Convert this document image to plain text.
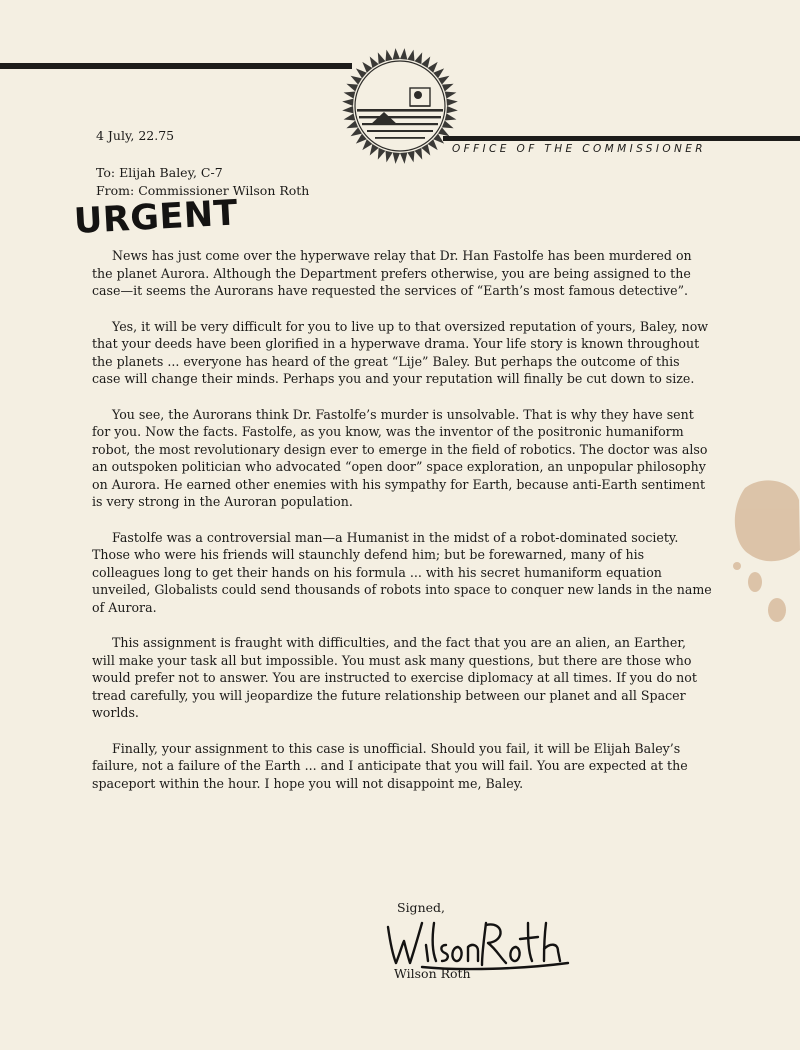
OFFICE OF THE COMMISSIONER
4 July, 22.75
To: Elijah Baley, C-7
From: Commissioner Wilson Roth
URGENT

News has just come over the hyperwave relay that Dr. Han Fastolfe has been murdered on the planet Aurora. Although the Department prefers otherwise, you are being assigned to the case—it seems the Aurorans have requested the services of “Earth’s most famous detective”.

Yes, it will be very difficult for you to live up to that oversized reputation of yours, Baley, now that your deeds have been glorified in a hyperwave drama. Your life story is known throughout the planets ... everyone has heard of the great “Lije” Baley. But perhaps the outcome of this case will change their minds. Perhaps you and your reputation will finally be cut down to size.

You see, the Aurorans think Dr. Fastolfe’s murder is unsolvable. That is why they have sent for you. Now the facts. Fastolfe, as you know, was the inventor of the positronic humaniform robot, the most revolutionary design ever to emerge in the field of robotics. The doctor was also an outspoken politician who advocated “open door” space exploration, an unpopular philosophy on Aurora. He earned other enemies with his sympathy for Earth, because anti-Earth sentiment is very strong in the Auroran population.

Fastolfe was a controversial man—a Humanist in the midst of a robot-dominated society. Those who were his friends will staunchly defend him; but be forewarned, many of his colleagues long to get their hands on his formula ... with his secret humaniform equation unveiled, Globalists could send thousands of robots into space to conquer new lands in the name of Aurora.

This assignment is fraught with difficulties, and the fact that you are an alien, an Earther, will make your task all but impossible. You must ask many questions, but there are those who would prefer not to answer. You are instructed to exercise diplomacy at all times. If you do not tread carefully, you will jeopardize the future relationship between our planet and all Spacer worlds.

Finally, your assignment to this case is unofficial. Should you fail, it will be Elijah Baley’s failure, not a failure of the Earth ... and I anticipate that you will fail. You are expected at the spaceport within the hour. I hope you will not disappoint me, Baley.

Signed,
Wilson Roth
